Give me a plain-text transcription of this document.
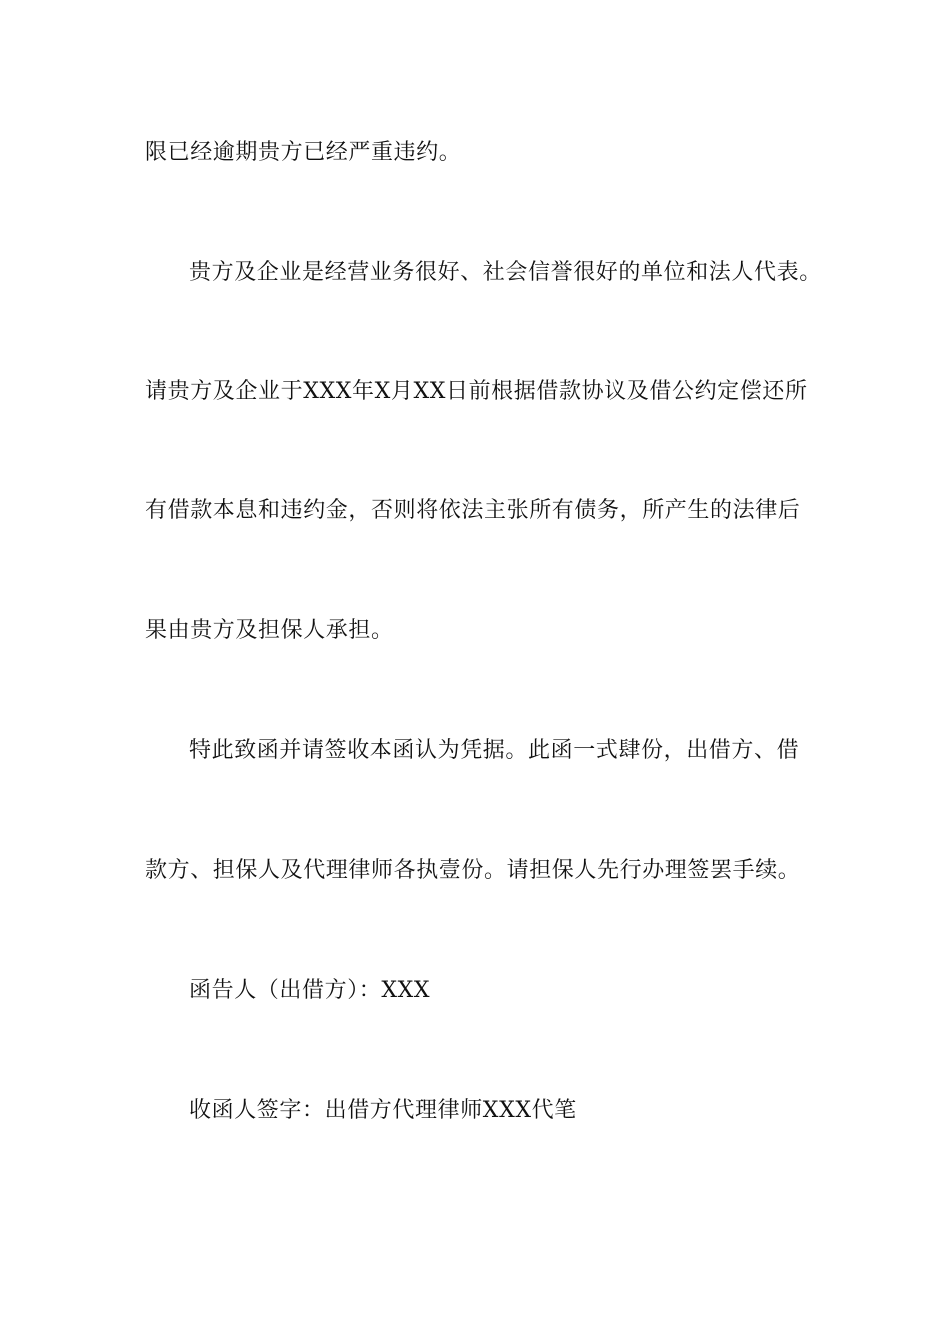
限已经逾期贵方已经严重违约。

贵方及企业是经营业务很好、社会信誉很好的单位和法人代表。

请贵方及企业于XXX年X月XX日前根据借款协议及借公约定偿还所

有借款本息和违约金，否则将依法主张所有债务，所产生的法律后

果由贵方及担保人承担。

特此致函并请签收本函认为凭据。此函一式肆份，出借方、借

款方、担保人及代理律师各执壹份。请担保人先行办理签罢手续。

函告人（出借方）：XXX

收函人签字：出借方代理律师XXX代笔
